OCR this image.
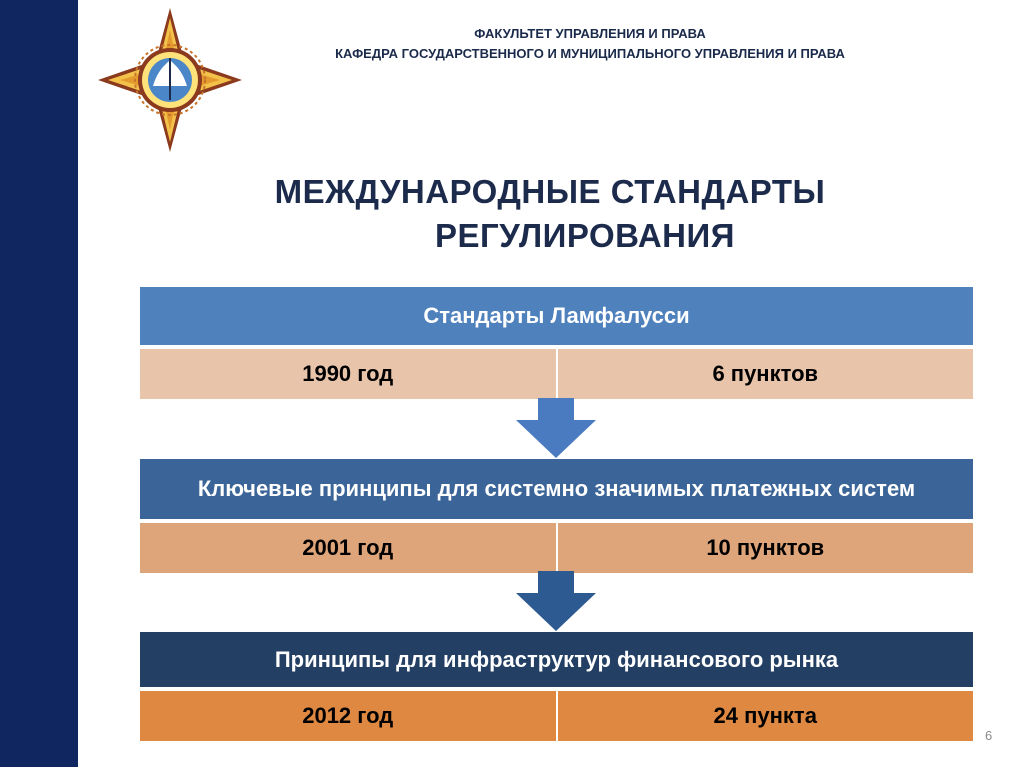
ФАКУЛЬТЕТ УПРАВЛЕНИЯ И ПРАВА
КАФЕДРА ГОСУДАРСТВЕННОГО И МУНИЦИПАЛЬНОГО УПРАВЛЕНИЯ И ПРАВА
МЕЖДУНАРОДНЫЕ СТАНДАРТЫ
РЕГУЛИРОВАНИЯ
Стандарты Ламфалусси
1990 год	6 пунктов
Ключевые принципы для системно значимых платежных систем
2001 год	10 пунктов
Принципы для инфраструктур финансового рынка
2012 год	24 пункта
6
